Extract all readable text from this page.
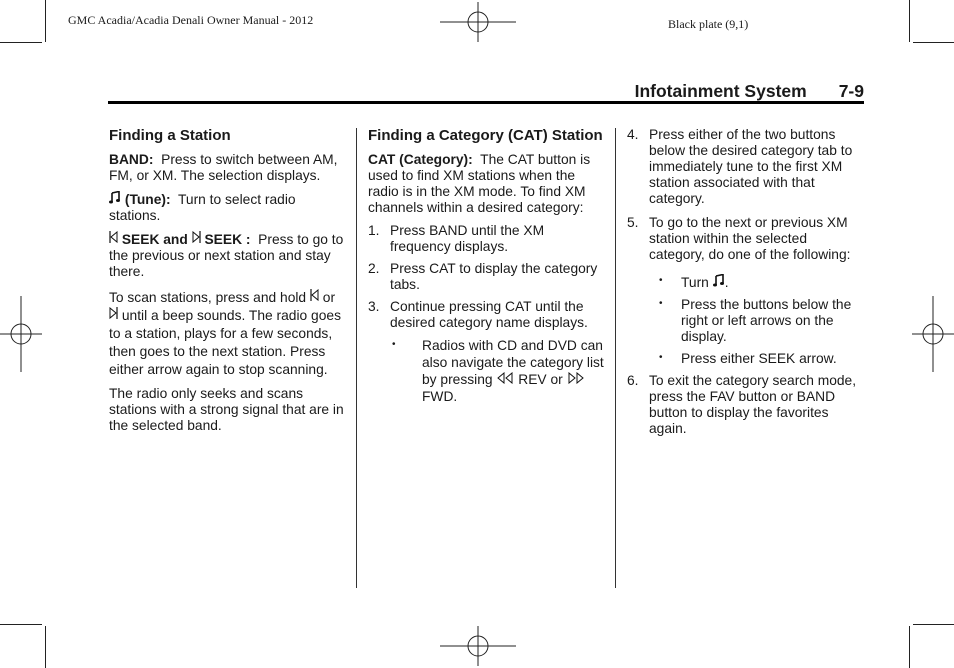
GMC Acadia/Acadia Denali Owner Manual - 2012	Black plate (9,1)
Infotainment System 7-9
Finding a Station

BAND: Press to switch between AM, FM, or XM. The selection displays.

(Tune): Turn to select radio stations.

SEEK and SEEK : Press to go to the previous or next station and stay there.

To scan stations, press and hold or  until a beep sounds. The radio goes to a station, plays for a few seconds, then goes to the next station. Press either arrow again to stop scanning.

The radio only seeks and scans stations with a strong signal that are in the selected band.

Finding a Category (CAT) Station

CAT (Category): The CAT button is used to find XM stations when the radio is in the XM mode. To find XM channels within a desired category:

1. Press BAND until the XM frequency displays.
2. Press CAT to display the category tabs.
3. Continue pressing CAT until the desired category name displays.
• Radios with CD and DVD can also navigate the category list by pressing REV or  FWD.
4. Press either of the two buttons below the desired category tab to immediately tune to the first XM station associated with that category.
5. To go to the next or previous XM station within the selected category, do one of the following:
• Turn .
• Press the buttons below the right or left arrows on the display.
• Press either SEEK arrow.
6. To exit the category search mode, press the FAV button or BAND button to display the favorites again.
